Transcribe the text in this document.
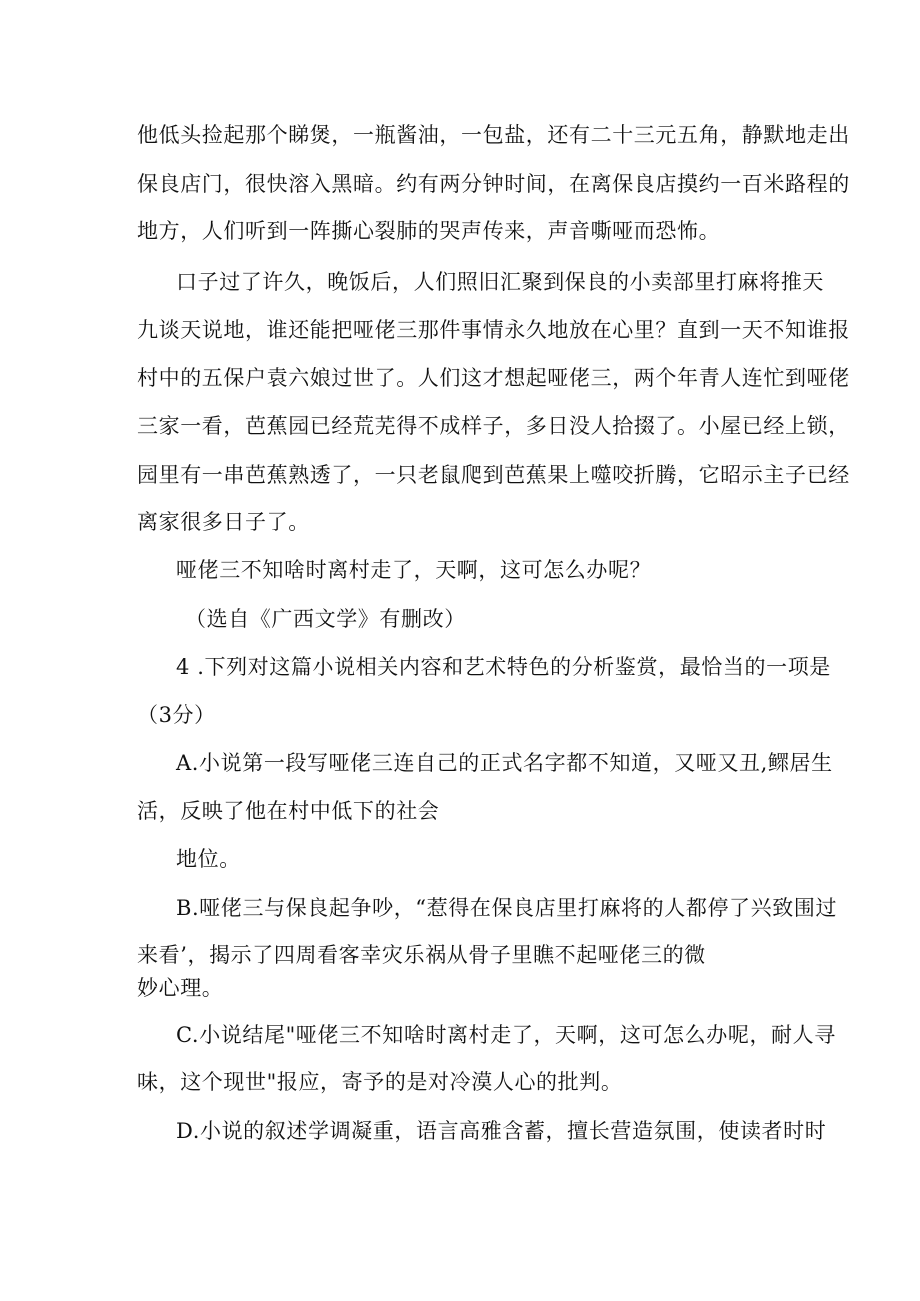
他低头捡起那个睇煲，一瓶酱油，一包盐，还有二十三元五角，静默地走出
保良店门，很快溶入黑暗。约有两分钟时间，在离保良店摸约一百米路程的
地方，人们听到一阵撕心裂肺的哭声传来，声音嘶哑而恐怖。
口子过了许久，晚饭后，人们照旧汇聚到保良的小卖部里打麻将推天
九谈天说地，谁还能把哑佬三那件事情永久地放在心里？直到一天不知谁报
村中的五保户袁六娘过世了。人们这才想起哑佬三，两个年青人连忙到哑佬
三家一看，芭蕉园已经荒芜得不成样子，多日没人拾掇了。小屋已经上锁，
园里有一串芭蕉熟透了，一只老鼠爬到芭蕉果上噬咬折腾，它昭示主子已经
离家很多日子了。
哑佬三不知啥时离村走了，天啊，这可怎么办呢？
（选自《广西文学》有删改）
4 .下列对这篇小说相关内容和艺术特色的分析鉴赏，最恰当的一项是
（3分）
A.小说第一段写哑佬三连自己的正式名字都不知道，又哑又丑,鳏居生
活，反映了他在村中低下的社会
地位。
B.哑佬三与保良起争吵，“惹得在保良店里打麻将的人都停了兴致围过
来看’，揭示了四周看客幸灾乐祸从骨子里瞧不起哑佬三的微
妙心理。
C.小说结尾"哑佬三不知啥时离村走了，天啊，这可怎么办呢，耐人寻
味，这个现世"报应，寄予的是对冷漠人心的批判。
D.小说的叙述学调凝重，语言高雅含蓄，擅长营造氛围，使读者时时
